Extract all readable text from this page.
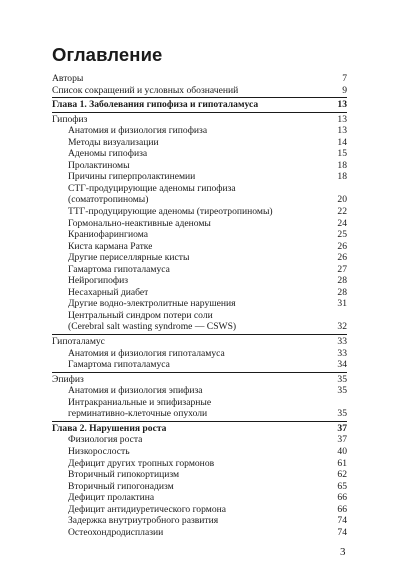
Оглавление
Авторы	7
Список сокращений и условных обозначений	9
Глава 1. Заболевания гипофиза и гипоталамуса	13
Гипофиз	13
Анатомия и физиология гипофиза	13
Методы визуализации	14
Аденомы гипофиза	15
Пролактиномы	18
Причины гиперпролактинемии	18
СТГ-продуцирующие аденомы гипофиза
(соматотропиномы)	20
ТТГ-продуцирующие аденомы (тиреотропиномы)	22
Гормонально-неактивные аденомы	24
Краниофарингиома	25
Киста кармана Ратке	26
Другие периселлярные кисты	26
Гамартома гипоталамуса	27
Нейрогипофиз	28
Несахарный диабет	28
Другие водно-электролитные нарушения	31
Центральный синдром потери соли
(Cerebral salt wasting syndrome — CSWS)	32
Гипоталамус	33
Анатомия и физиология гипоталамуса	33
Гамартома гипоталамуса	34
Эпифиз	35
Анатомия и физиология эпифиза	35
Интракраниальные и эпифизарные
герминативно-клеточные опухоли	35
Глава 2. Нарушения роста	37
Физиология роста	37
Низкорослость	40
Дефицит других тропных гормонов	61
Вторичный гипокортицизм	62
Вторичный гипогонадизм	65
Дефицит пролактина	66
Дефицит антидиуретического гормона	66
Задержка внутриутробного развития	74
Остеохондродисплазии	74
3
